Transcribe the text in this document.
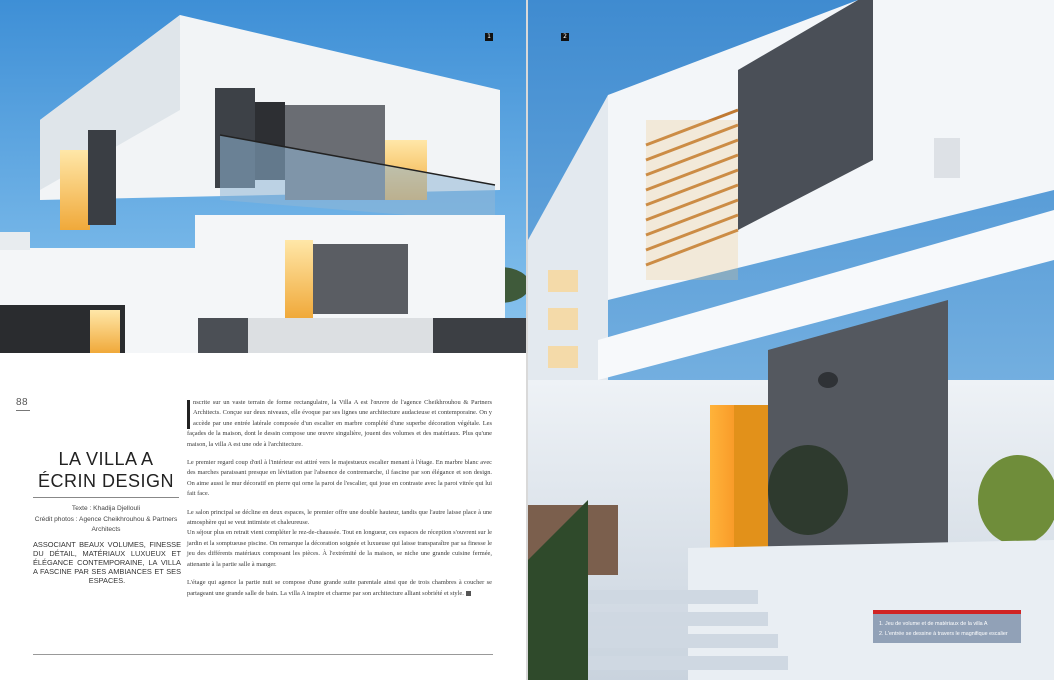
1	2
88
LA VILLA A
ÉCRIN DESIGN
Texte : Khadija Djellouli
Crédit photos : Agence Cheikhrouhou & Partners Architects
ASSOCIANT BEAUX VOLUMES, FINESSE DU DÉTAIL, MATÉRIAUX LUXUEUX ET ÉLÉGANCE CONTEMPORAINE, LA VILLA A FASCINE PAR SES AMBIANCES ET SES ESPACES.

nscrite sur un vaste terrain de forme rectangulaire, la Villa A est l'œuvre de l'agence Cheikhrouhou & Partners Architects. Conçue sur deux niveaux, elle évoque par ses lignes une architecture audacieuse et contemporaine. On y accède par une entrée latérale composée d'un escalier en marbre complété d'une superbe décoration végétale. Les façades de la maison, dont le dessin compose une œuvre singulière, jouent des volumes et des matériaux. Plus qu'une maison, la villa A est une ode à l'architecture.

Le premier regard coup d'œil à l'intérieur est attiré vers le majestueux escalier menant à l'étage. En marbre blanc avec des marches paraissant presque en lévitation par l'absence de contremarche, il fascine par son élégance et son design. On aime aussi le mur décoratif en pierre qui orne la paroi de l'escalier, qui joue en contraste avec la paroi vitrée qui lui fait face.

Le salon principal se décline en deux espaces, le premier offre une double hauteur, tandis que l'autre laisse place à une atmosphère qui se veut intimiste et chaleureuse.

Un séjour plus en retrait vient compléter le rez-de-chaussée. Tout en longueur, ces espaces de réception s'ouvrent sur le jardin et la somptueuse piscine. On remarque la décoration soignée et luxueuse qui laisse transparaître par sa finesse le jeu des différents matériaux composant les pièces. À l'extrémité de la maison, se niche une grande cuisine fermée, attenante à la partie salle à manger.

L'étage qui agence la partie nuit se compose d'une grande suite parentale ainsi que de trois chambres à coucher se partageant une grande salle de bain. La villa A inspire et charme par son architecture alliant sobriété et style.

1. Jeu de volume et de matériaux de la villa A
2. L'entrée se dessine à travers le magnifique escalier
